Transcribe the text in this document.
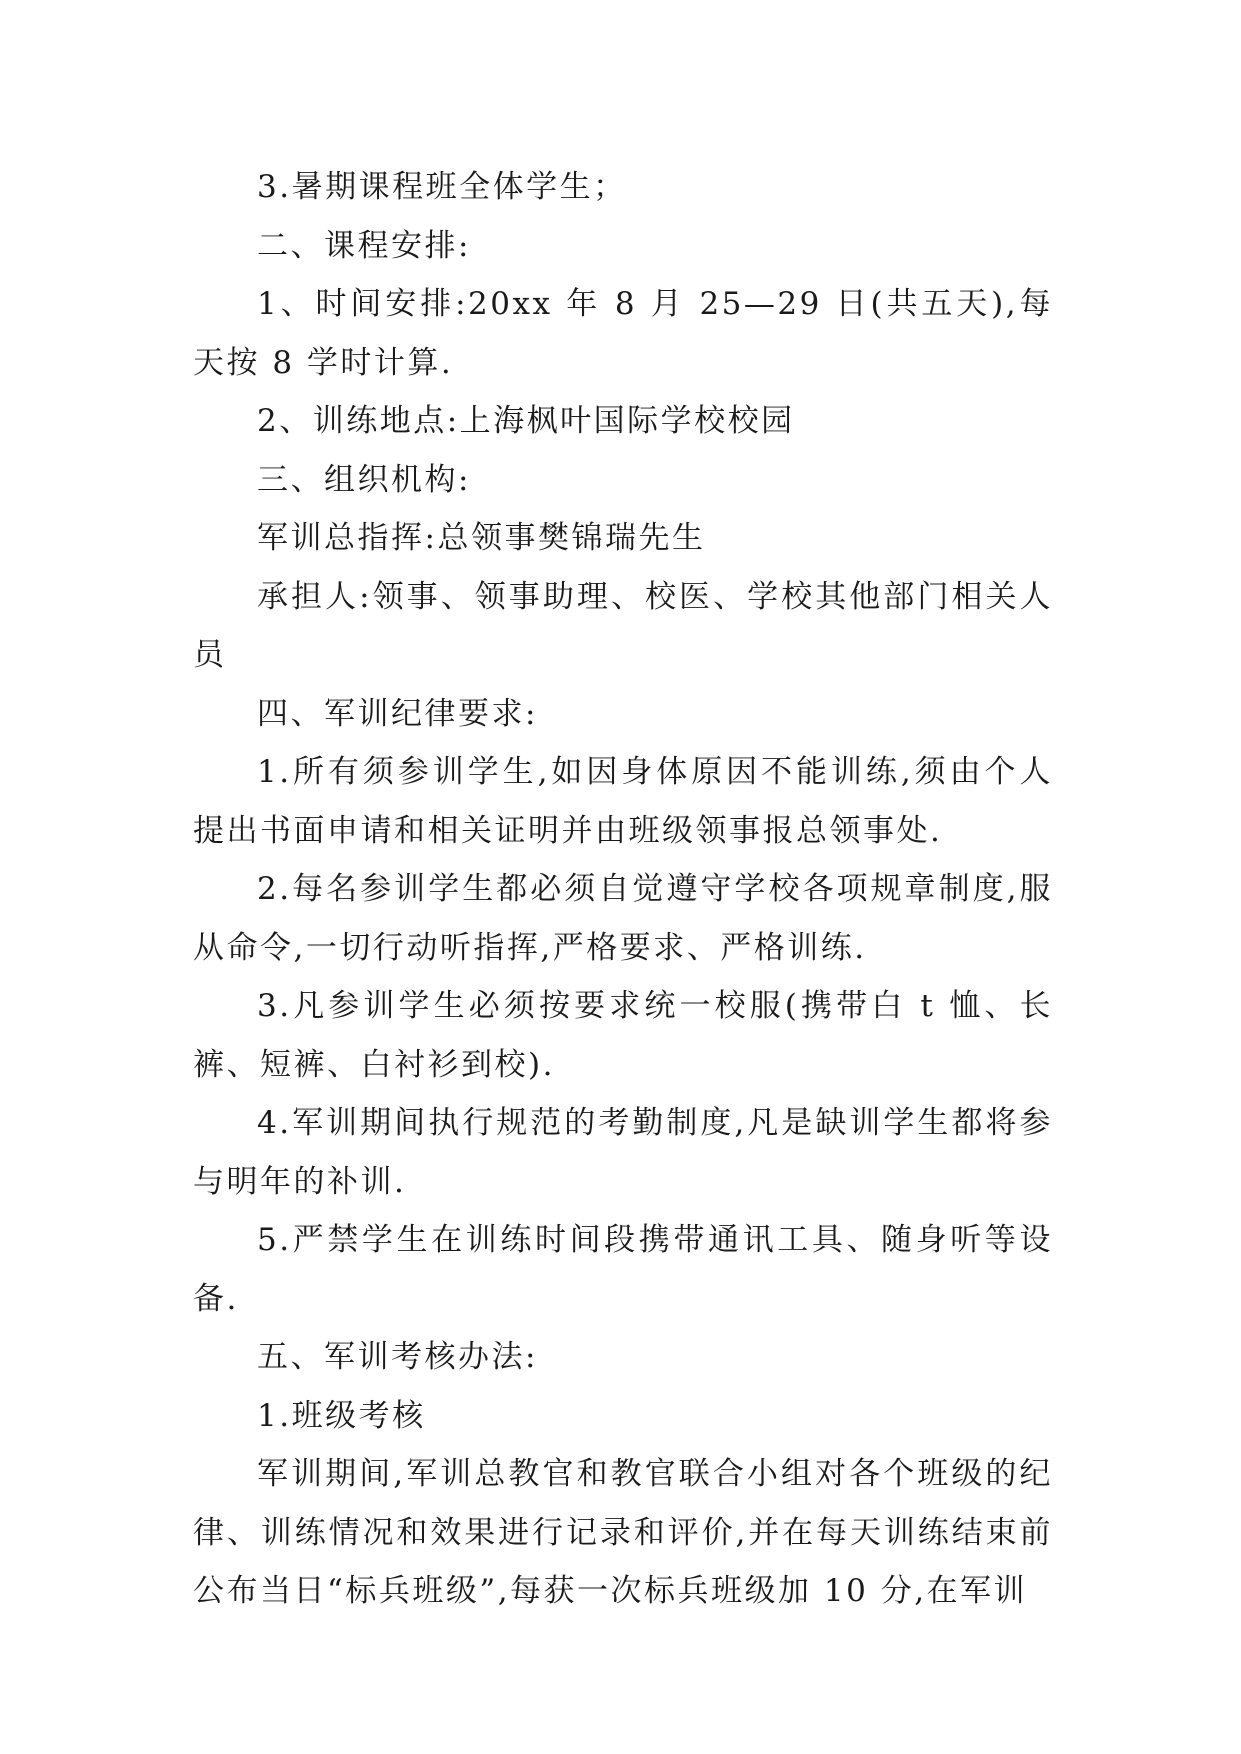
3.暑期课程班全体学生；

二、课程安排:

1、时间安排:20xx 年 8 月 25—29 日(共五天),每天按 8 学时计算.

2、训练地点:上海枫叶国际学校校园

三、组织机构:

军训总指挥:总领事樊锦瑞先生

承担人:领事、领事助理、校医、学校其他部门相关人员

四、军训纪律要求:

1.所有须参训学生,如因身体原因不能训练,须由个人提出书面申请和相关证明并由班级领事报总领事处.

2.每名参训学生都必须自觉遵守学校各项规章制度,服从命令,一切行动听指挥,严格要求、严格训练.

3.凡参训学生必须按要求统一校服(携带白 t 恤、长裤、短裤、白衬衫到校).

4.军训期间执行规范的考勤制度,凡是缺训学生都将参与明年的补训.

5.严禁学生在训练时间段携带通讯工具、随身听等设备.

五、军训考核办法:

1.班级考核

军训期间,军训总教官和教官联合小组对各个班级的纪律、训练情况和效果进行记录和评价,并在每天训练结束前公布当日“标兵班级”,每获一次标兵班级加 10 分,在军训
